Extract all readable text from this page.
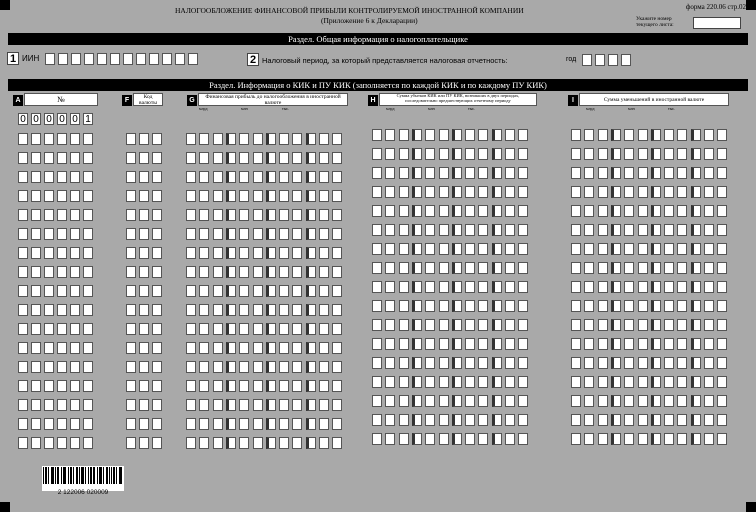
форма 220.06 стр.02
НАЛОГООБЛОЖЕНИЕ ФИНАНСОВОЙ ПРИБЫЛИ КОНТРОЛИРУЕМОЙ ИНОСТРАННОЙ КОМПАНИИ
(Приложение 6 к Декларации)	Укажите номер текущего листа:
Раздел. Общая информация о налогоплательщике
1 ИИН	2 Налоговый период, за который представляется налоговая отчетность:	год
Раздел. Информация о КИК и ПУ КИК (заполняется по каждой КИК и по каждому ПУ КИК)
A	№	F	Код валюты	G	Финансовая прибыль до налогообложения в иностранной валюте	H
Сумма убытков КИК или ПУ КИК, возникших в двух периодах, последовательно предшествующих отчетному периоду	I	Сумма уменьшений в иностранной валюте
млрд	млн	тыс.	млрд	млн	тыс.	млрд	млн	тыс.
0 0 0 0 0 1
2 122006 020009
